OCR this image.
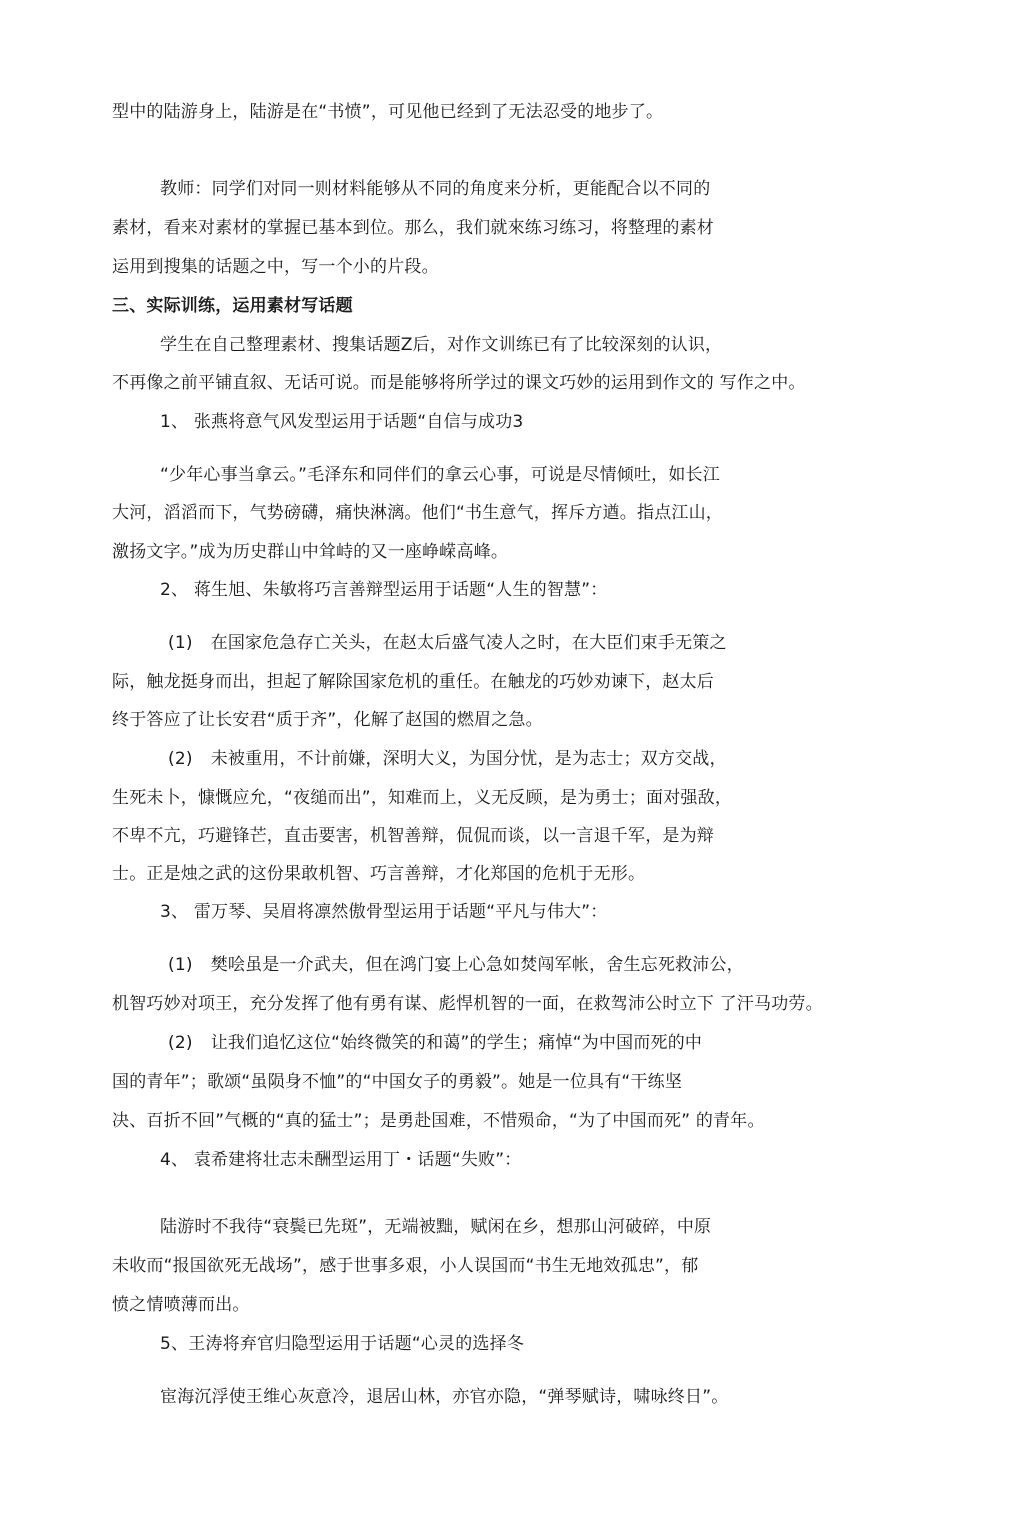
型中的陆游身上，陆游是在“书愤”，可见他已经到了无法忍受的地步了。
教师：同学们对同一则材料能够从不同的角度来分析，更能配合以不同的
素材，看来对素材的掌握已基本到位。那么，我们就來练习练习，将整理的素材
运用到搜集的话题之中，写一个小的片段。
三、实际训练，运用素材写话题
学生在自己整理素材、搜集话题Z后，对作文训练已有了比较深刻的认识，
不再像之前平铺直叙、无话可说。而是能够将所学过的课文巧妙的运用到作文的 写作之中。
1、 张燕将意气风发型运用于话题“自信与成功3
“少年心事当拿云。”毛泽东和同伴们的拿云心事，可说是尽情倾吐，如长江
大河，滔滔而下，气势磅礴，痛快淋漓。他们“书生意气，挥斥方遒。指点江山，
激扬文字。”成为历史群山中耸峙的又一座峥嵘高峰。
2、 蒋生旭、朱敏将巧言善辩型运用于话题“人生的智慧”：
(1) 在国家危急存亡关头，在赵太后盛气凌人之时，在大臣们束手无策之
际，触龙挺身而出，担起了解除国家危机的重任。在触龙的巧妙劝谏下，赵太后
终于答应了让长安君“质于齐”，化解了赵国的燃眉之急。
(2) 未被重用，不计前嫌，深明大义，为国分忧，是为志士；双方交战，
生死未卜，慷慨应允，“夜缒而出”，知难而上，义无反顾，是为勇士；面对强敌，
不卑不亢，巧避锋芒，直击要害，机智善辩，侃侃而谈，以一言退千军，是为辩
士。正是烛之武的这份果敢机智、巧言善辩，才化郑国的危机于无形。
3、 雷万琴、吴眉将凛然傲骨型运用于话题“平凡与伟大”：
(1) 樊哙虽是一介武夫，但在鸿门宴上心急如焚闯军帐，舍生忘死救沛公，
机智巧妙对项王，充分发挥了他有勇有谋、彪悍机智的一面，在救驾沛公时立下 了汗马功劳。
(2) 让我们追忆这位“始终微笑的和蔼”的学生；痛悼“为中国而死的中
国的青年”；歌颂“虽陨身不恤”的“中国女子的勇毅”。她是一位具有“干练坚
决、百折不回”气概的“真的猛士”；是勇赴国难，不惜殒命，“为了中国而死” 的青年。
4、 袁希建将壮志未酬型运用丁・话题“失败”：
陆游时不我待“衰鬓已先斑”，无端被黜，赋闲在乡，想那山河破碎，中原
未收而“报国欲死无战场”，感于世事多艰，小人误国而“书生无地效孤忠”，郁
愤之情喷薄而出。
5、王涛将弃官归隐型运用于话题“心灵的选择冬
宦海沉浮使王维心灰意冷，退居山林，亦官亦隐，“弹琴赋诗，啸咏终日”。
